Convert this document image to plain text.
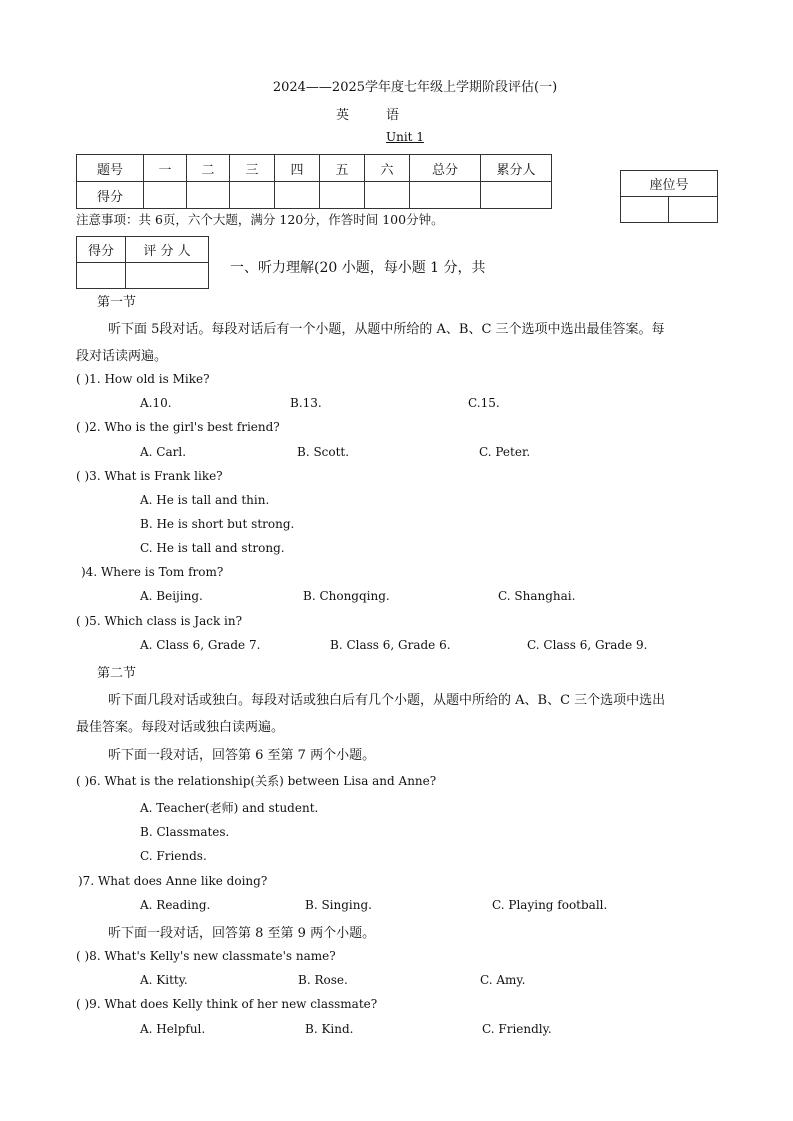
2024——2025学年度七年级上学期阶段评估(一)
英	语
Unit 1
题号	一	二	三	四	五	六	总分	累分人
得分								
座位号

注意事项：共 6页，六个大题，满分 120分，作答时间 100分钟。
得分	评 分 人

一、听力理解(20 小题，每小题 1 分，共
第一节
听下面 5段对话。每段对话后有一个小题，从题中所给的 A、B、C 三个选项中选出最佳答案。每
段对话读两遍。
( )1. How old is Mike?
A.10.	B.13.	C.15.
( )2. Who is the girl's best friend?
A. Carl.	B. Scott.	C. Peter.
( )3. What is Frank like?
A. He is tall and thin.
B. He is short but strong.
C. He is tall and strong.
)4. Where is Tom from?
A. Beijing.	B. Chongqing.	C. Shanghai.
( )5. Which class is Jack in?
A. Class 6, Grade 7.	B. Class 6, Grade 6.	C. Class 6, Grade 9.
第二节
听下面几段对话或独白。每段对话或独白后有几个小题，从题中所给的 A、B、C 三个选项中选出
最佳答案。每段对话或独白读两遍。
听下面一段对话，回答第 6 至第 7 两个小题。
( )6. What is the relationship(关系) between Lisa and Anne?
A. Teacher(老师) and student.
B. Classmates.
C. Friends.
)7. What does Anne like doing?
A. Reading.	B. Singing.	C. Playing football.
听下面一段对话，回答第 8 至第 9 两个小题。
( )8. What's Kelly's new classmate's name?
A. Kitty.	B. Rose.	C. Amy.
( )9. What does Kelly think of her new classmate?
A. Helpful.	B. Kind.	C. Friendly.
